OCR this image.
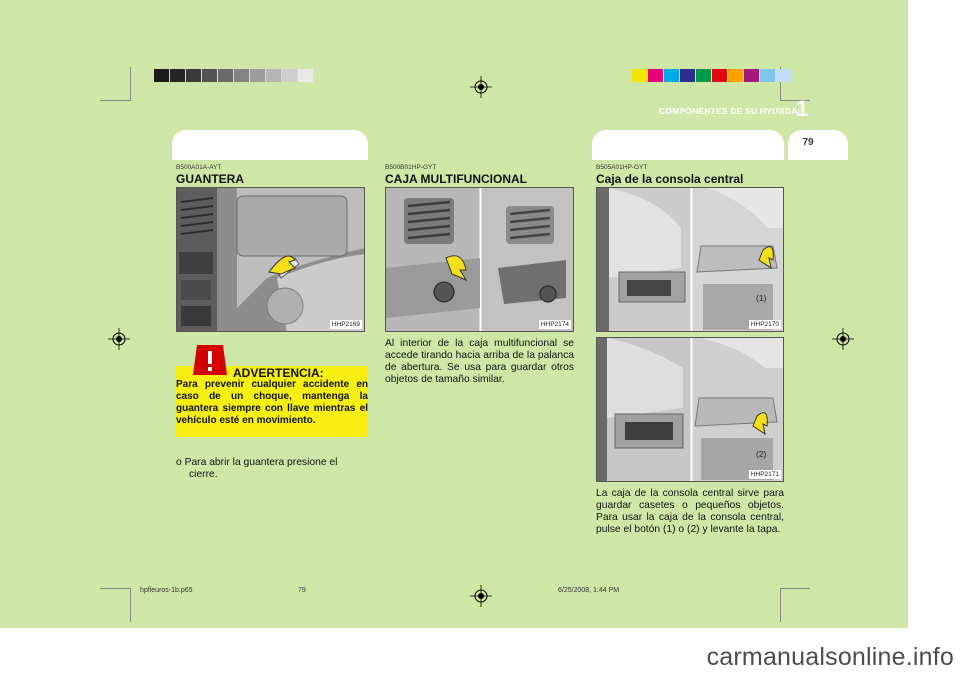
COMPONENTES DE SU HYUNDAI
1
CAJA PARA GUARDAR OBJETOS
COMPARTIMENTO DE LA CONSOLA CENTRAL
79
B500A01A-AYT
GUANTERA
HHP2169
ADVERTENCIA:
Para prevenir cualquier accidente en caso de un choque, mantenga la guantera siempre con llave mientras el vehículo esté en movimiento.
o Para abrir la guantera presione el cierre.
B500B01HP-GYT
CAJA MULTIFUNCIONAL
HHP2174
Al interior de la caja multifuncional se accede tirando hacia arriba de la palanca de abertura. Se usa para guardar otros objetos de tamaño similar.
B505A01HP-GYT
Caja de la consola central
(1)
HHP2170
(2)
HHP2171
La caja de la consola central sirve para guardar casetes o pequeños objetos. Para usar la caja de la consola central, pulse el botón (1) o (2) y levante la tapa.
hpfleuros-1b.p65	79	6/25/2008, 1:44 PM
carmanualsonline.info
